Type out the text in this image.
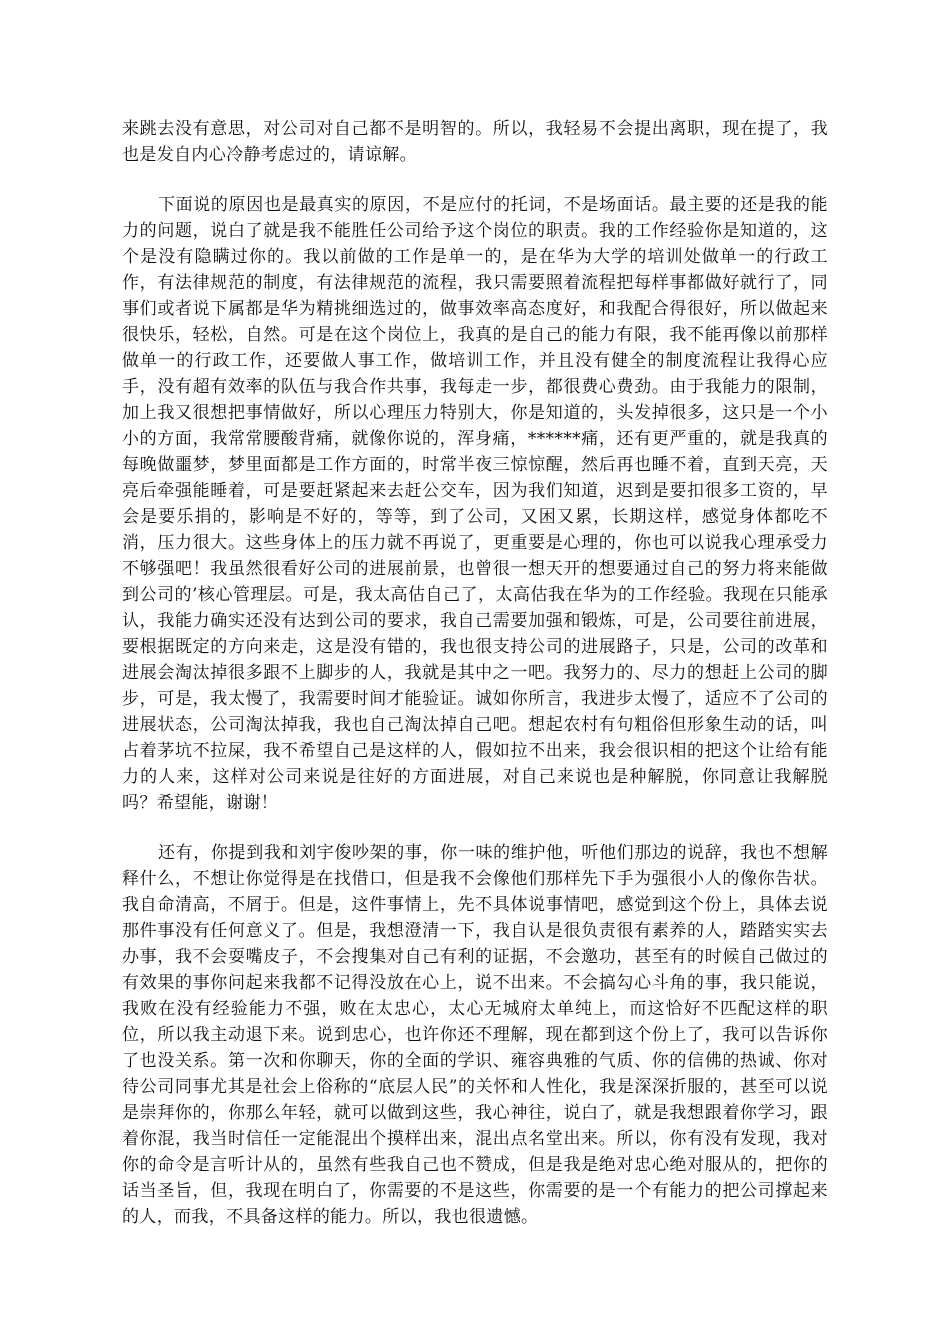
来跳去没有意思，对公司对自己都不是明智的。所以，我轻易不会提出离职，现在提了，我也是发自内心冷静考虑过的，请谅解。

下面说的原因也是最真实的原因，不是应付的托词，不是场面话。最主要的还是我的能力的问题，说白了就是我不能胜任公司给予这个岗位的职责。我的工作经验你是知道的，这个是没有隐瞒过你的。我以前做的工作是单一的，是在华为大学的培训处做单一的行政工作，有法律规范的制度，有法律规范的流程，我只需要照着流程把每样事都做好就行了，同事们或者说下属都是华为精挑细选过的，做事效率高态度好，和我配合得很好，所以做起来很快乐，轻松，自然。可是在这个岗位上，我真的是自己的能力有限，我不能再像以前那样做单一的行政工作，还要做人事工作，做培训工作，并且没有健全的制度流程让我得心应手，没有超有效率的队伍与我合作共事，我每走一步，都很费心费劲。由于我能力的限制，加上我又很想把事情做好，所以心理压力特别大，你是知道的，头发掉很多，这只是一个小小的方面，我常常腰酸背痛，就像你说的，浑身痛，******痛，还有更严重的，就是我真的每晚做噩梦，梦里面都是工作方面的，时常半夜三惊惊醒，然后再也睡不着，直到天亮，天亮后牵强能睡着，可是要赶紧起来去赶公交车，因为我们知道，迟到是要扣很多工资的，早会是要乐捐的，影响是不好的，等等，到了公司，又困又累，长期这样，感觉身体都吃不消，压力很大。这些身体上的压力就不再说了，更重要是心理的，你也可以说我心理承受力不够强吧！我虽然很看好公司的进展前景，也曾很一想天开的想要通过自己的努力将来能做到公司的’核心管理层。可是，我太高估自己了，太高估我在华为的工作经验。我现在只能承认，我能力确实还没有达到公司的要求，我自己需要加强和锻炼，可是，公司要往前进展，要根据既定的方向来走，这是没有错的，我也很支持公司的进展路子，只是，公司的改革和进展会淘汰掉很多跟不上脚步的人，我就是其中之一吧。我努力的、尽力的想赶上公司的脚步，可是，我太慢了，我需要时间才能验证。诚如你所言，我进步太慢了，适应不了公司的进展状态，公司淘汰掉我，我也自己淘汰掉自己吧。想起农村有句粗俗但形象生动的话，叫占着茅坑不拉屎，我不希望自己是这样的人，假如拉不出来，我会很识相的把这个让给有能力的人来，这样对公司来说是往好的方面进展，对自己来说也是种解脱，你同意让我解脱吗？希望能，谢谢！

还有，你提到我和刘宇俊吵架的事，你一味的维护他，听他们那边的说辞，我也不想解释什么，不想让你觉得是在找借口，但是我不会像他们那样先下手为强很小人的像你告状。我自命清高，不屑于。但是，这件事情上，先不具体说事情吧，感觉到这个份上，具体去说那件事没有任何意义了。但是，我想澄清一下，我自认是很负责很有素养的人，踏踏实实去办事，我不会耍嘴皮子，不会搜集对自己有利的证据，不会邀功，甚至有的时候自己做过的有效果的事你问起来我都不记得没放在心上，说不出来。不会搞勾心斗角的事，我只能说，我败在没有经验能力不强，败在太忠心，太心无城府太单纯上，而这恰好不匹配这样的职位，所以我主动退下来。说到忠心，也许你还不理解，现在都到这个份上了，我可以告诉你了也没关系。第一次和你聊天，你的全面的学识、雍容典雅的气质、你的信佛的热诚、你对待公司同事尤其是社会上俗称的“底层人民”的关怀和人性化，我是深深折服的，甚至可以说是崇拜你的，你那么年轻，就可以做到这些，我心神往，说白了，就是我想跟着你学习，跟着你混，我当时信任一定能混出个摸样出来，混出点名堂出来。所以，你有没有发现，我对你的命令是言听计从的，虽然有些我自己也不赞成，但是我是绝对忠心绝对服从的，把你的话当圣旨，但，我现在明白了，你需要的不是这些，你需要的是一个有能力的把公司撑起来的人，而我，不具备这样的能力。所以，我也很遗憾。
